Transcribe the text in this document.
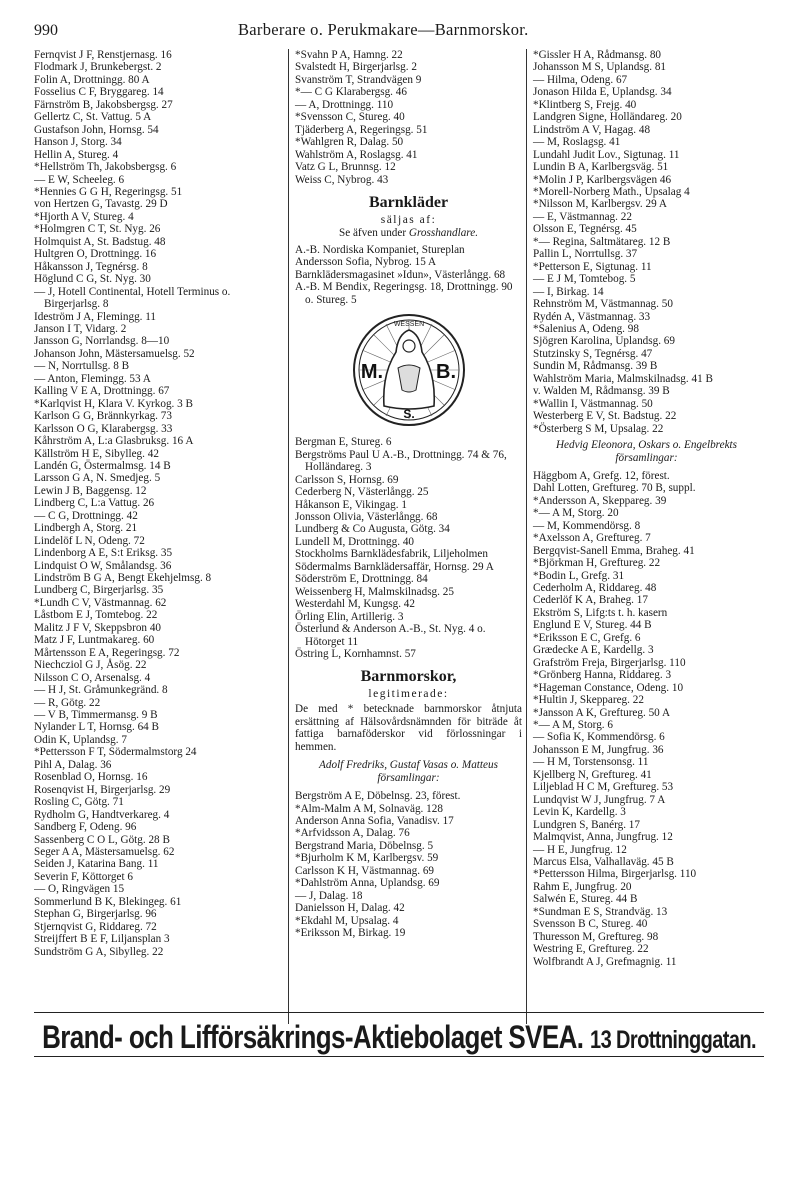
990	Barberare o. Perukmakare—Barnmorskor.
Fernqvist J F, Renstjernasg. 16
Flodmark J, Brunkebergst. 2
Folin A, Drottningg. 80 A
Fosselius C F, Bryggareg. 14
Färnström B, Jakobsbergsg. 27
Gellertz C, St. Vattug. 5 A
Gustafson John, Hornsg. 54
Hanson J, Storg. 34
Hellin A, Stureg. 4
*Hellström Th, Jakobsbergsg. 6
— E W, Scheeleg. 6
*Hennies G G H, Regeringsg. 51
von Hertzen G, Tavastg. 29 D
*Hjorth A V, Stureg. 4
*Holmgren C T, St. Nyg. 26
Holmquist A, St. Badstug. 48
Hultgren O, Drottningg. 16
Håkansson J, Tegnérsg. 8
Höglund C G, St. Nyg. 30
— J, Hotell Continental, Hotell Terminus o. Birgerjarlsg. 8
Ideström J A, Flemingg. 11
Janson I T, Vidarg. 2
Jansson G, Norrlandsg. 8—10
Johanson John, Mästersamuelsg. 52
— N, Norrtullsg. 8 B
— Anton, Flemingg. 53 A
Kalling V E A, Drottningg. 67
*Karlqvist H, Klara V. Kyrkog. 3 B
Karlson G G, Brännkyrkag. 73
Karlsson O G, Klarabergsg. 33
Kåhrström A, L:a Glasbruksg. 16 A
Källström H E, Sibylleg. 42
Landén G, Östermalmsg. 14 B
Larsson G A, N. Smedjeg. 5
Lewin J B, Baggensg. 12
Lindberg C, L:a Vattug. 26
— C G, Drottningg. 42
Lindbergh A, Storg. 21
Lindelöf L N, Odeng. 72
Lindenborg A E, S:t Eriksg. 35
Lindquist O W, Smålandsg. 36
Lindström B G A, Bengt Ekehjelmsg. 8
Lundberg C, Birgerjarlsg. 35
*Lundh C V, Västmannag. 62
Låstbom E J, Tomtebog. 22
Malitz J F V, Skeppsbron 40
Matz J F, Luntmakareg. 60
Mårtensson E A, Regeringsg. 72
Niechcziol G J, Åsög. 22
Nilsson C O, Arsenalsg. 4
— H J, St. Gråmunkegränd. 8
— R, Götg. 22
— V B, Timmermansg. 9 B
Nylander L T, Hornsg. 64 B
Odin K, Uplandsg. 7
*Pettersson F T, Södermalmstorg 24
Pihl A, Dalag. 36
Rosenblad O, Hornsg. 16
Rosenqvist H, Birgerjarlsg. 29
Rosling C, Götg. 71
Rydholm G, Handtverkareg. 4
Sandberg F, Odeng. 96
Sassenberg C O L, Götg. 28 B
Seger A A, Mästersamuelsg. 62
Seiden J, Katarina Bang. 11
Severin F, Köttorget 6
— O, Ringvägen 15
Sommerlund B K, Blekingeg. 61
Stephan G, Birgerjarlsg. 96
Stjernqvist G, Riddareg. 72
Streijffert B E F, Liljansplan 3
Sundström G A, Sibylleg. 22
*Svahn P A, Hamng. 22
Svalstedt H, Birgerjarlsg. 2
Svanström T, Strandvägen 9
*— C G Klarabergsg. 46
— A, Drottningg. 110
*Svensson C, Stureg. 40
Tjäderberg A, Regeringsg. 51
*Wahlgren R, Dalag. 50
Wahlström A, Roslagsg. 41
Vatz G L, Brunnsg. 12
Weiss C, Nybrog. 43
Barnkläder
säljas af:
Se äfven under Grosshandlare.
A.-B. Nordiska Kompaniet, Stureplan
Andersson Sofia, Nybrog. 15 A
Barnklädersmagasinet »Idun», Västerlångg. 68
A.-B. M Bendix, Regeringsg. 18, Drottningg. 90 o. Stureg. 5
WESSEN
M.	B.
S.
Bergman E, Stureg. 6
Bergströms Paul U A.-B., Drottningg. 74 & 76, Holländareg. 3
Carlsson S, Hornsg. 69
Cederberg N, Västerlångg. 25
Håkanson E, Vikingag. 1
Jonsson Olivia, Västerlångg. 68
Lundberg & Co Augusta, Götg. 34
Lundell M, Drottningg. 40
Stockholms Barnklädesfabrik, Liljeholmen
Södermalms Barnklädersaffär, Hornsg. 29 A
Söderström E, Drottningg. 84
Weissenberg H, Malmskilnadsg. 25
Westerdahl M, Kungsg. 42
Örling Elin, Artillerig. 3
Österlund & Anderson A.-B., St. Nyg. 4 o. Hötorget 11
Östring L, Kornhamnst. 57
Barnmorskor,
legitimerade:
De med * betecknade barnmorskor åtnjuta ersättning af Hälsovårdsnämnden för biträde åt fattiga barnaföderskor vid förlossningar i hemmen.
Adolf Fredriks, Gustaf Vasas o. Matteus församlingar:
Bergström A E, Döbelnsg. 23, förest.
*Alm-Malm A M, Solnaväg. 128
Anderson Anna Sofia, Vanadisv. 17
*Arfvidsson A, Dalag. 76
Bergstrand Maria, Döbelnsg. 5
*Bjurholm K M, Karlbergsv. 59
Carlsson K H, Västmannag. 69
*Dahlström Anna, Uplandsg. 69
— J, Dalag. 18
Danielsson H, Dalag. 42
*Ekdahl M, Upsalag. 4
*Eriksson M, Birkag. 19
*Gissler H A, Rådmansg. 80
Johansson M S, Uplandsg. 81
— Hilma, Odeng. 67
Jonason Hilda E, Uplandsg. 34
*Klintberg S, Frejg. 40
Landgren Signe, Holländareg. 20
Lindström A V, Hagag. 48
— M, Roslagsg. 41
Lundahl Judit Lov., Sigtunag. 11
Lundin B A, Karlbergsväg. 51
*Molin J P, Karlbergsvägen 46
*Morell-Norberg Math., Upsalag 4
*Nilsson M, Karlbergsv. 29 A
— E, Västmannag. 22
Olsson E, Tegnérsg. 45
*— Regina, Saltmätareg. 12 B
Pallin L, Norrtullsg. 37
*Petterson E, Sigtunag. 11
— E J M, Tomtebog. 5
— I, Birkag. 14
Rehnström M, Västmannag. 50
Rydén A, Västmannag. 33
*Salenius A, Odeng. 98
Sjögren Karolina, Uplandsg. 69
Stutzinsky S, Tegnérsg. 47
Sundin M, Rådmansg. 39 B
Wahlström Maria, Malmskilnadsg. 41 B
v. Walden M, Rådmansg. 39 B
*Wallin I, Västmannag. 50
Westerberg E V, St. Badstug. 22
*Österberg S M, Upsalag. 22
Hedvig Eleonora, Oskars o. Engelbrekts församlingar:
Häggbom A, Grefg. 12, förest.
Dahl Lotten, Greftureg. 70 B, suppl.
*Andersson A, Skeppareg. 39
*— A M, Storg. 20
— M, Kommendörsg. 8
*Axelsson A, Greftureg. 7
Bergqvist-Sanell Emma, Braheg. 41
*Björkman H, Greftureg. 22
*Bodin L, Grefg. 31
Cederholm A, Riddareg. 48
Cederlöf K A, Braheg. 17
Ekström S, Lifg:ts t. h. kasern
Englund E V, Stureg. 44 B
*Eriksson E C, Grefg. 6
Grædecke A E, Kardellg. 3
Grafström Freja, Birgerjarlsg. 110
*Grönberg Hanna, Riddareg. 3
*Hageman Constance, Odeng. 10
*Hultin J, Skeppareg. 22
*Jansson A K, Greftureg. 50 A
*— A M, Storg. 6
— Sofia K, Kommendörsg. 6
Johansson E M, Jungfrug. 36
— H M, Torstensonsg. 11
Kjellberg N, Greftureg. 41
Liljeblad H C M, Greftureg. 53
Lundqvist W J, Jungfrug. 7 A
Levin K, Kardellg. 3
Lundgren S, Banérg. 17
Malmqvist, Anna, Jungfrug. 12
— H E, Jungfrug. 12
Marcus Elsa, Valhallaväg. 45 B
*Pettersson Hilma, Birgerjarlsg. 110
Rahm E, Jungfrug. 20
Salwén E, Stureg. 44 B
*Sundman E S, Strandväg. 13
Svensson B C, Stureg. 40
Thuresson M, Greftureg. 98
Westring E, Greftureg. 22
Wolfbrandt A J, Grefmagnig. 11
Brand- och Lifförsäkrings-Aktiebolaget SVEA. 13 Drottninggatan.
